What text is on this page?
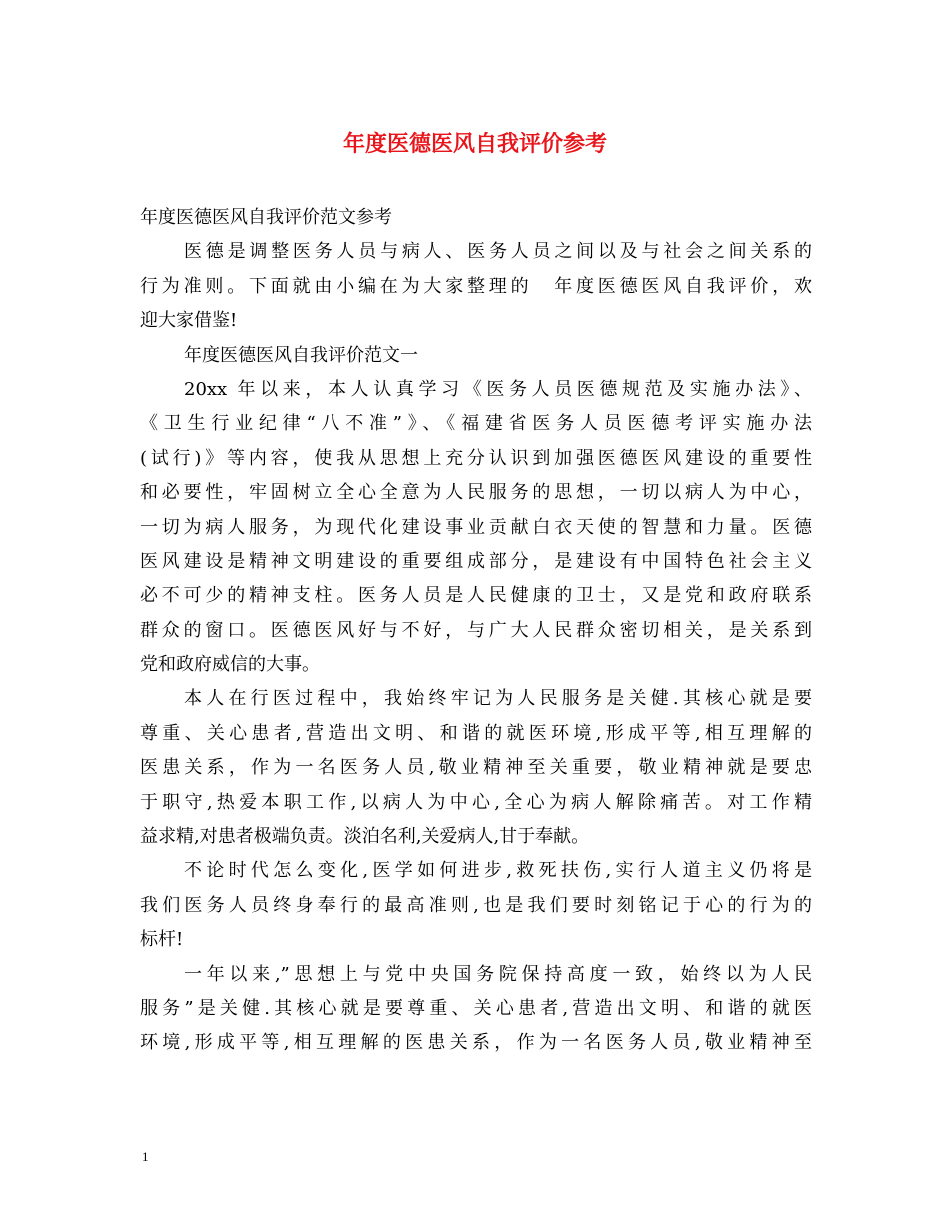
年度医德医风自我评价参考
年度医德医风自我评价范文参考
医德是调整医务人员与病人、医务人员之间以及与社会之间关系的
行为准则。下面就由小编在为大家整理的　年度医德医风自我评价，欢
迎大家借鉴!
年度医德医风自我评价范文一
20xx 年以来，本人认真学习《医务人员医德规范及实施办法》、
《卫生行业纪律“八不准”》、《福建省医务人员医德考评实施办法
(试行)》等内容，使我从思想上充分认识到加强医德医风建设的重要性
和必要性，牢固树立全心全意为人民服务的思想，一切以病人为中心，
一切为病人服务，为现代化建设事业贡献白衣天使的智慧和力量。医德
医风建设是精神文明建设的重要组成部分，是建设有中国特色社会主义
必不可少的精神支柱。医务人员是人民健康的卫士，又是党和政府联系
群众的窗口。医德医风好与不好，与广大人民群众密切相关，是关系到
党和政府威信的大事。
本人在行医过程中，我始终牢记为人民服务是关健.其核心就是要
尊重、关心患者,营造出文明、和谐的就医环境,形成平等,相互理解的
医患关系，作为一名医务人员,敬业精神至关重要，敬业精神就是要忠
于职守,热爱本职工作,以病人为中心,全心为病人解除痛苦。对工作精
益求精,对患者极端负责。淡泊名利,关爱病人,甘于奉献。
不论时代怎么变化,医学如何进步,救死扶伤,实行人道主义仍将是
我们医务人员终身奉行的最高准则,也是我们要时刻铭记于心的行为的
标杆!
一年以来,”思想上与党中央国务院保持高度一致，始终以为人民
服务”是关健.其核心就是要尊重、关心患者,营造出文明、和谐的就医
环境,形成平等,相互理解的医患关系，作为一名医务人员,敬业精神至
1
